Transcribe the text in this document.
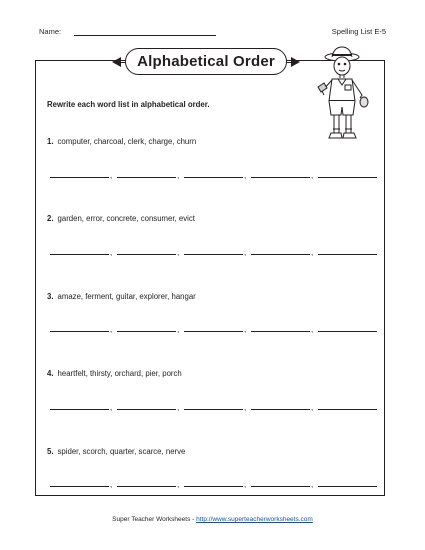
Name:	Spelling List E-5
Alphabetical Order
Rewrite each word list in alphabetical order.
1. computer, charcoal, clerk, charge, churn
,	,	,	,
2. garden, error, concrete, consumer, evict
,	,	,	,
3. amaze, ferment, guitar, explorer, hangar
,	,	,	,
4. heartfelt, thirsty, orchard, pier, porch
,	,	,	,
5. spider, scorch, quarter, scarce, nerve
,	,	,	,
Super Teacher Worksheets - http://www.superteacherworksheets.com
